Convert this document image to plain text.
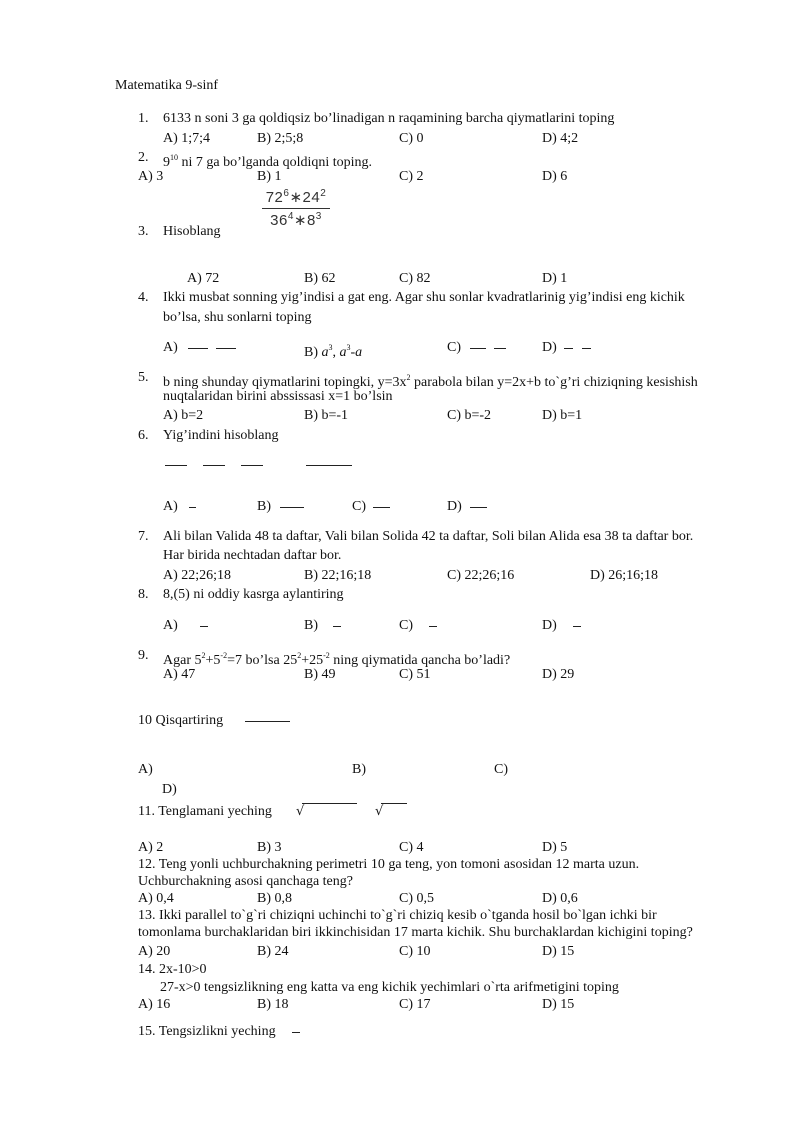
Matematika 9-sinf
1. 6133 n soni 3 ga qoldiqsiz bo’linadigan n raqamining barcha qiymatlarini toping
A) 1;7;4	B) 2;5;8	C) 0	D) 4;2
2. $9^{10}$ ni 7 ga bo’lganda qoldiqni toping.
A) 3	B) 1	C) 2	D) 6
$72^6∗24^2$
$36^4∗8^3$
3. Hisoblang
A) 72	B) 62	C) 82	D) 1
4. Ikki musbat sonning yig’indisi a gat eng. Agar shu sonlar kvadratlarinig yig’indisi eng kichik
bo’lsa, shu sonlarni toping
A)	B) $a^3$, $a^3-a$	C)	D)
5. b ning shunday qiymatlarini topingki, $y=3x^2$ parabola bilan y=2x+b to`g’ri chiziqning kesishish
nuqtalaridan birini abssissasi x=1 bo’lsin
A) b=2	B) b=-1	C) b=-2	D) b=1
6. Yig’indini hisoblang
A)	B)	C)	D)
7. Ali bilan Valida 48 ta daftar, Vali bilan Solida 42 ta daftar, Soli bilan Alida esa 38 ta daftar bor.
Har birida nechtadan daftar bor.
A) 22;26;18	B) 22;16;18	C) 22;26;16	D) 26;16;18
8. 8,(5) ni oddiy kasrga aylantiring
A)	B)	C)	D)
9. Agar $5^2+5^{-2}=7$ bo’lsa $25^2+25^{-2}$ ning qiymatida qancha bo’ladi?
A) 47	B) 49	C) 51	D) 29
10 Qisqartiring
A)	B)	C)
D)
11. Tenglamani yeching √	√
A) 2	B) 3	C) 4	D) 5
12. Teng yonli uchburchakning perimetri 10 ga teng, yon tomoni asosidan 12 marta uzun.
Uchburchakning asosi qanchaga teng?
A) 0,4	B) 0,8	C) 0,5	D) 0,6
13. Ikki parallel to`g`ri chiziqni uchinchi to`g`ri chiziq kesib o`tganda hosil bo`lgan ichki bir
tomonlama burchaklaridan biri ikkinchisidan 17 marta kichik. Shu burchaklardan kichigini toping?
A) 20	B) 24	C) 10	D) 15
14. 2x-10>0
27-x>0 tengsizlikning eng katta va eng kichik yechimlari o`rta arifmetigini toping
A) 16	B) 18	C) 17	D) 15
15. Tengsizlikni yeching
